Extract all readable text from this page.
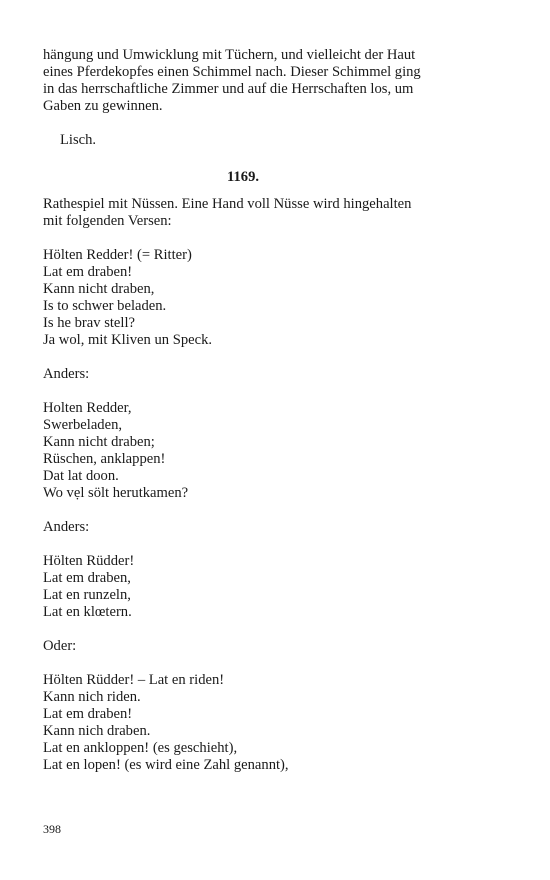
hängung und Umwicklung mit Tüchern, und vielleicht der Haut

eines Pferdekopfes einen Schimmel nach. Dieser Schimmel ging

in das herrschaftliche Zimmer und auf die Herrschaften los, um

Gaben zu gewinnen.

Lisch.

1169.

Rathespiel mit Nüssen. Eine Hand voll Nüsse wird hingehalten

mit folgenden Versen:

Hölten Redder! (= Ritter)

Lat em draben!

Kann nicht draben,

Is to schwer beladen.

Is he brav stell?

Ja wol, mit Kliven un Speck.

Anders:

Holten Redder,

Swerbeladen,

Kann nicht draben;

Rüschen, anklappen!

Dat lat doon.

Wo vẹl sölt herutkamen?

Anders:

Hölten Rüdder!

Lat em draben,

Lat en runzeln,

Lat en klœtern.

Oder:

Hölten Rüdder! – Lat en riden!

Kann nich riden.

Lat em draben!

Kann nich draben.

Lat en ankloppen! (es geschieht),

Lat en lopen! (es wird eine Zahl genannt),

398
